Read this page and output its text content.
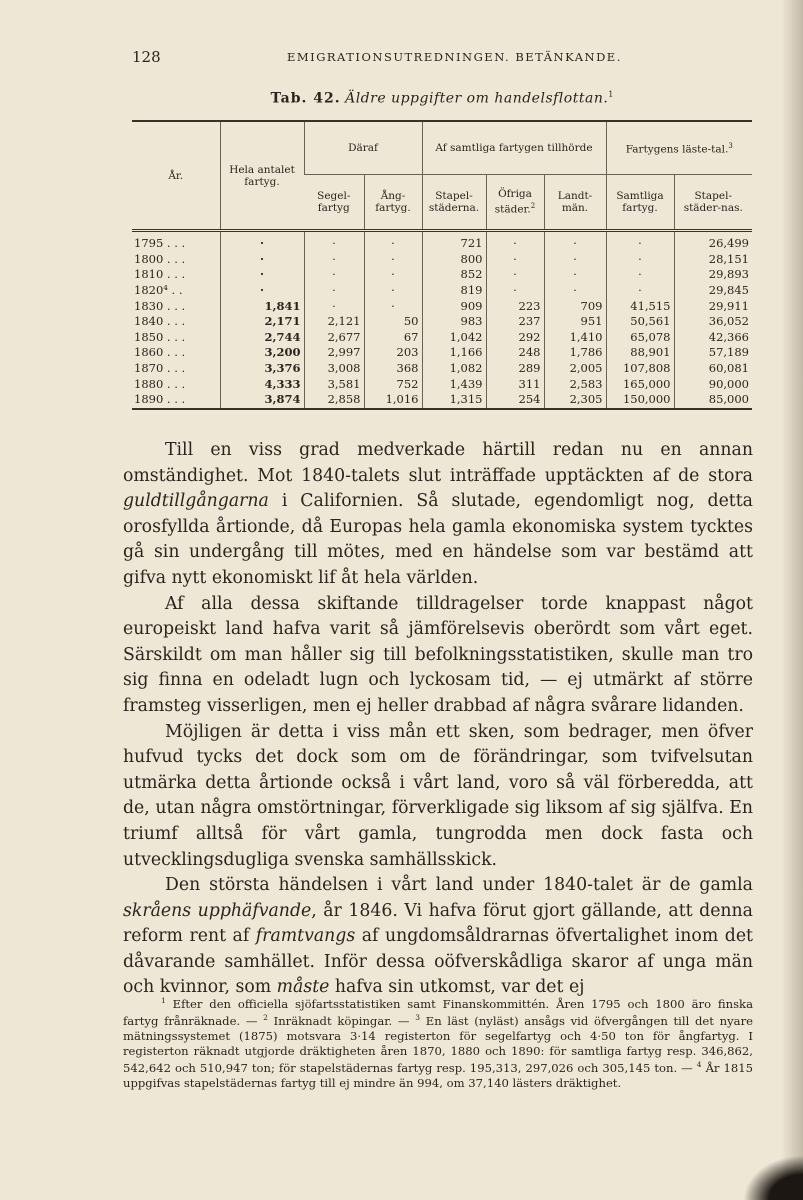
128	EMIGRATIONSUTREDNINGEN. BETÄNKANDE.
Tab. 42. Äldre uppgifter om handelsflottan.$^1$
År.	Hela antalet fartyg.	Däraf		Af samtliga fartygen tillhörde			Fartygens läste-tal.$^3$
		Segel-fartyg	Ång-fartyg.	Stapel-städerna.	Öfriga städer.$^2$	Landt-män.	Samtliga fartyg.	Stapel-städer-nas.
1795 . . .	·	·	·	721	·	·	·	26,499
1800 . . .	·	·	·	800	·	·	·	28,151
1810 . . .	·	·	·	852	·	·	·	29,893
1820⁴ . .	·	·	·	819	·	·	·	29,845
1830 . . .	1,841	·	·	909	223	709	41,515	29,911
1840 . . .	2,171	2,121	50	983	237	951	50,561	36,052
1850 . . .	2,744	2,677	67	1,042	292	1,410	65,078	42,366
1860 . . .	3,200	2,997	203	1,166	248	1,786	88,901	57,189
1870 . . .	3,376	3,008	368	1,082	289	2,005	107,808	60,081
1880 . . .	4,333	3,581	752	1,439	311	2,583	165,000	90,000
1890 . . .	3,874	2,858	1,016	1,315	254	2,305	150,000	85,000

Till en viss grad medverkade härtill redan nu en annan omständighet. Mot 1840-talets slut inträffade upptäckten af de stora guldtillgångarna i Californien. Så slutade, egendomligt nog, detta orosfyllda årtionde, då Europas hela gamla ekonomiska system tycktes gå sin undergång till mötes, med en händelse som var bestämd att gifva nytt ekonomiskt lif åt hela världen.

Af alla dessa skiftande tilldragelser torde knappast något europeiskt land hafva varit så jämförelsevis oberördt som vårt eget. Särskildt om man håller sig till befolkningsstatistiken, skulle man tro sig finna en odeladt lugn och lyckosam tid, — ej utmärkt af större framsteg visserligen, men ej heller drabbad af några svårare lidanden.

Möjligen är detta i viss mån ett sken, som bedrager, men öfver hufvud tycks det dock som om de förändringar, som tvifvelsutan utmärka detta årtionde också i vårt land, voro så väl förberedda, att de, utan några omstörtningar, förverkligade sig liksom af sig själfva. En triumf alltså för vårt gamla, tungrodda men dock fasta och utvecklingsdugliga svenska samhällsskick.

Den största händelsen i vårt land under 1840-talet är de gamla skråens upphäfvande, år 1846. Vi hafva förut gjort gällande, att denna reform rent af framtvangs af ungdomsåldrarnas öfvertalighet inom det dåvarande samhället. Inför dessa oöfverskådliga skaror af unga män och kvinnor, som måste hafva sin utkomst, var det ej

$^1$ Efter den officiella sjöfartsstatistiken samt Finanskommittén. Åren 1795 och 1800 äro finska fartyg frånräknade. — $^2$ Inräknadt köpingar. — $^3$ En läst (nyläst) ansågs vid öfvergången till det nyare mätningssystemet (1875) motsvara 3·14 registerton för segelfartyg och 4·50 ton för ångfartyg. I registerton räknadt utgjorde dräktigheten åren 1870, 1880 och 1890: för samtliga fartyg resp. 346,862, 542,642 och 510,947 ton; för stapelstädernas fartyg resp. 195,313, 297,026 och 305,145 ton. — $^4$ År 1815 uppgifvas stapelstädernas fartyg till ej mindre än 994, om 37,140 lästers dräktighet.
